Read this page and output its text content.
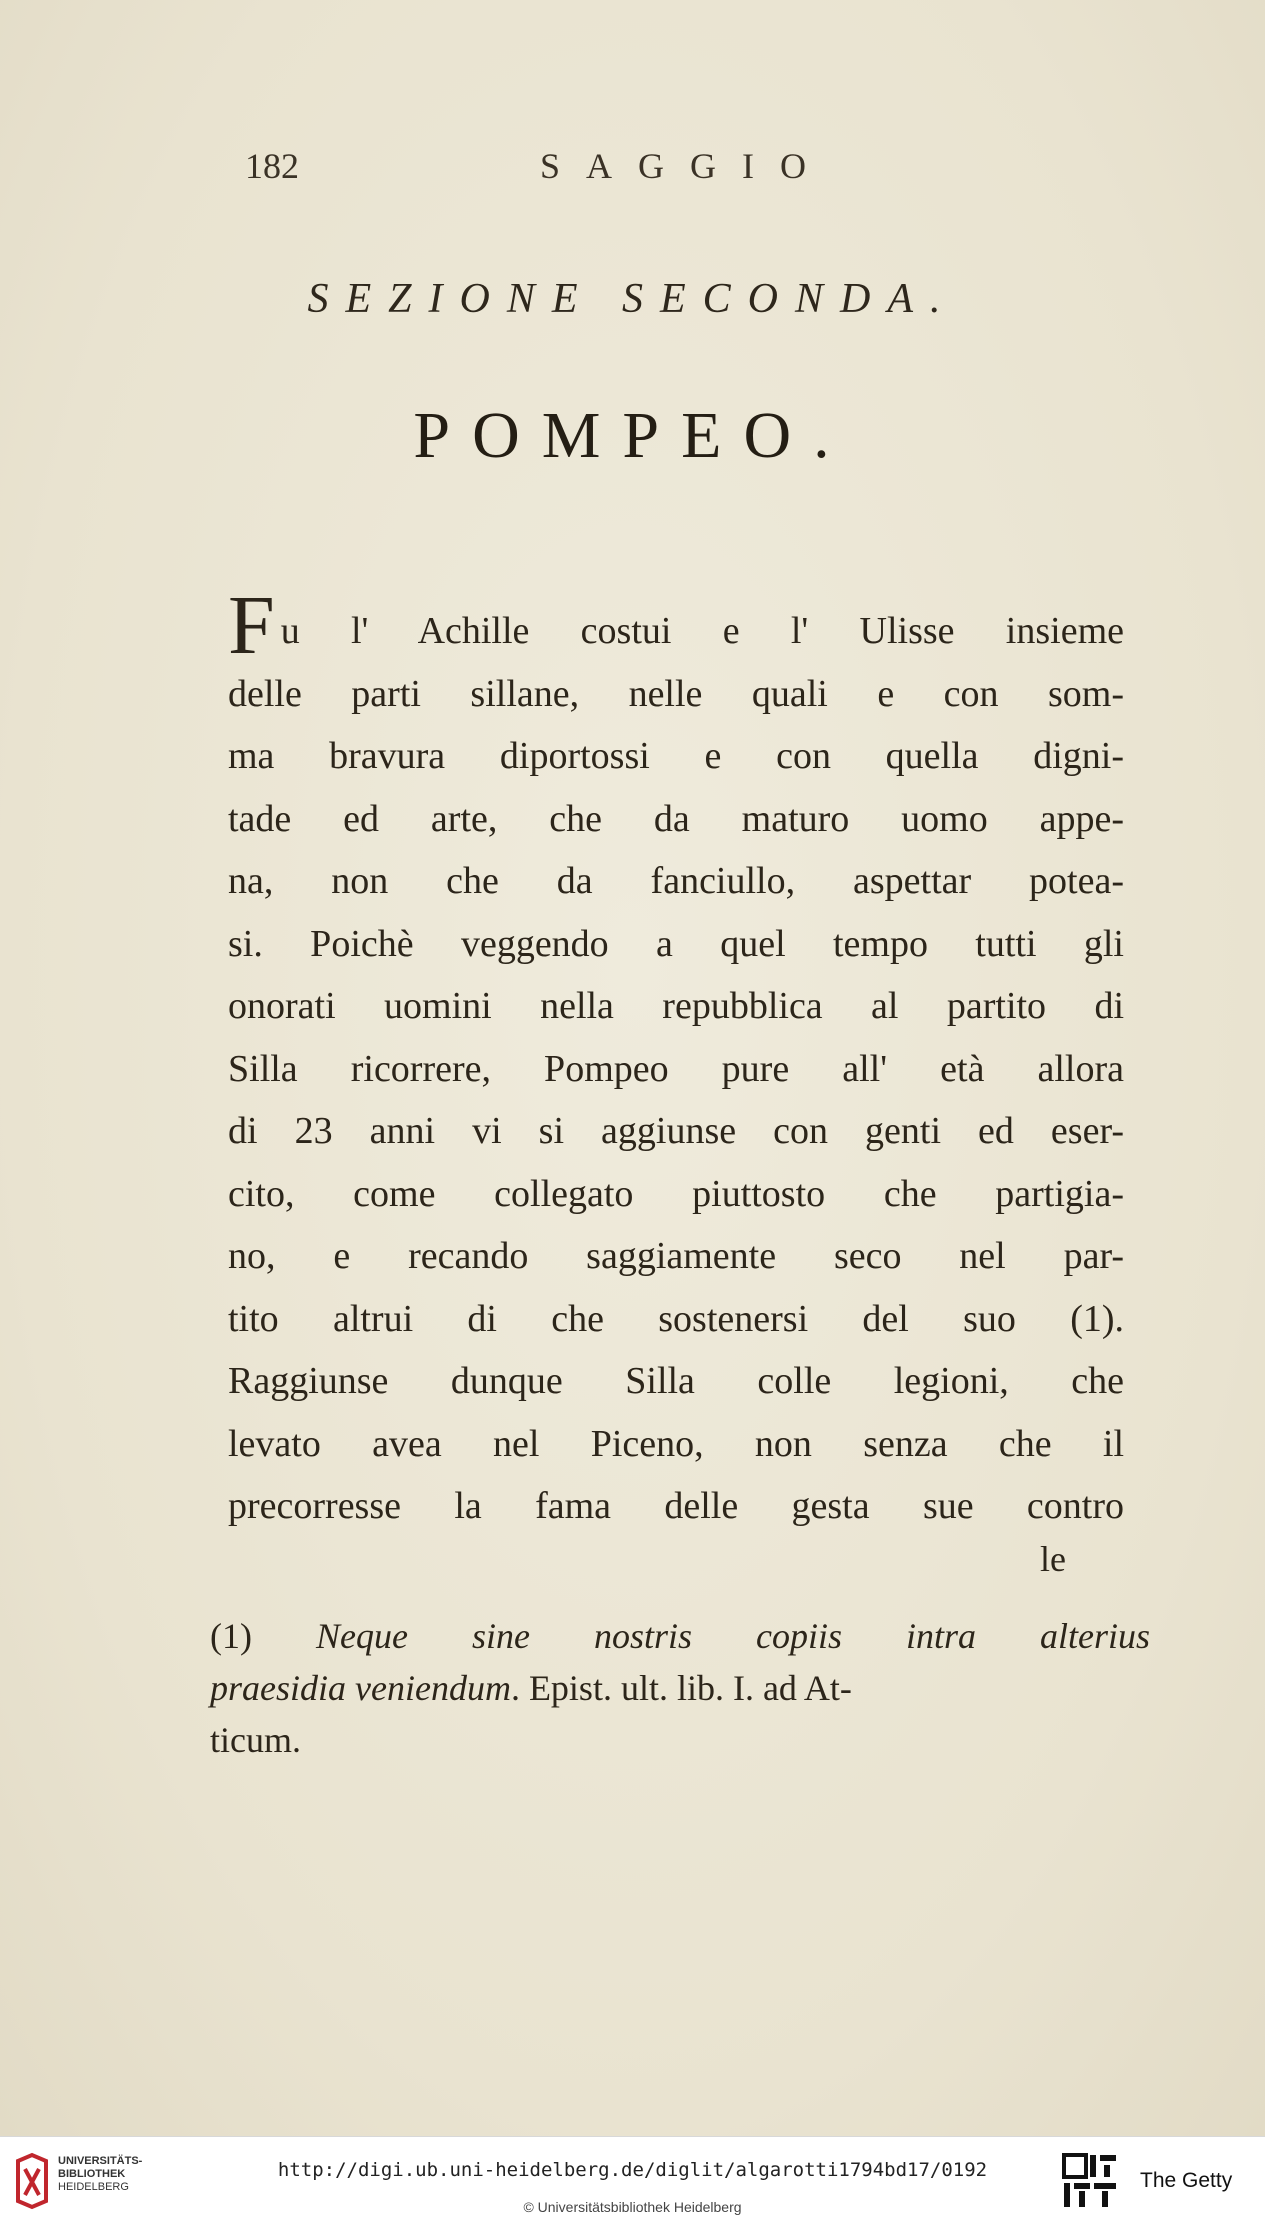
182	SAGGIO
SEZIONE SECONDA.
POMPEO.
Fu l' Achille costui e l' Ulisse insieme
delle parti sillane, nelle quali e con som-
ma bravura diportossi e con quella digni-
tade ed arte, che da maturo uomo appe-
na, non che da fanciullo, aspettar potea-
si. Poichè veggendo a quel tempo tutti gli
onorati uomini nella repubblica al partito di
Silla ricorrere, Pompeo pure all' età allora
di 23 anni vi si aggiunse con genti ed eser-
cito, come collegato piuttosto che partigia-
no, e recando saggiamente seco nel par-
tito altrui di che sostenersi del suo (1).
Raggiunse dunque Silla colle legioni, che
levato avea nel Piceno, non senza che il
precorresse la fama delle gesta sue contro
le
(1) Neque sine nostris copiis intra alterius
praesidia veniendum. Epist. ult. lib. I. ad At-
ticum.
UNIVERSITÄTS-
BIBLIOTHEK
HEIDELBERG
http://digi.ub.uni-heidelberg.de/diglit/algarotti1794bd17/0192
© Universitätsbibliothek Heidelberg
The Getty
